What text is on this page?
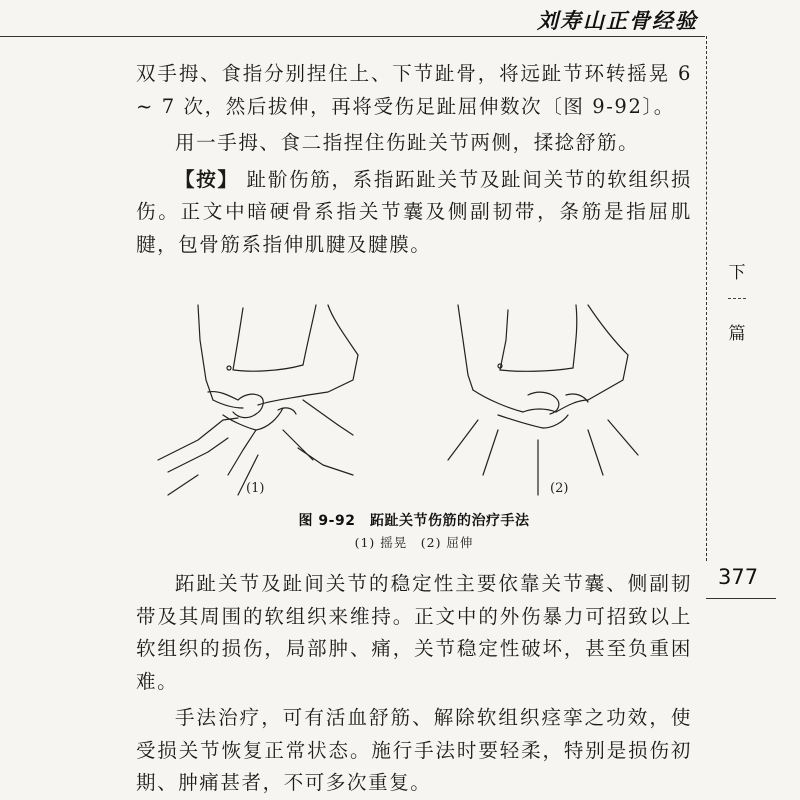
刘寿山正骨经验
下
篇
377

双手拇、食指分别捏住上、下节趾骨，将远趾节环转摇晃 6 ~ 7 次，然后拔伸，再将受伤足趾屈伸数次〔图 9-92〕。

用一手拇、食二指捏住伤趾关节两侧，揉捻舒筋。

【按】 趾骱伤筋，系指跖趾关节及趾间关节的软组织损伤。正文中暗硬骨系指关节囊及侧副韧带，条筋是指屈肌腱，包骨筋系指伸肌腱及腱膜。

(1)	(2)
图 9-92　跖趾关节伤筋的治疗手法
(1) 摇晃　(2) 屈伸

跖趾关节及趾间关节的稳定性主要依靠关节囊、侧副韧带及其周围的软组织来维持。正文中的外伤暴力可招致以上软组织的损伤，局部肿、痛，关节稳定性破坏，甚至负重困难。

手法治疗，可有活血舒筋、解除软组织痉挛之功效，使受损关节恢复正常状态。施行手法时要轻柔，特别是损伤初期、肿痛甚者，不可多次重复。
